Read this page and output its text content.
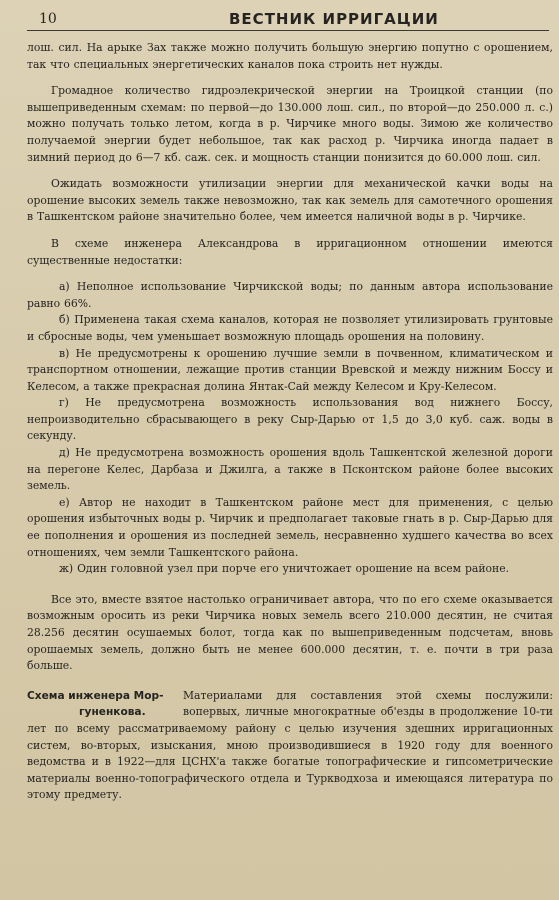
10	ВЕСТНИК ИРРИГАЦИИ

лош. сил. На арыке Зах также можно получить большую энергию попутно с орошением, так что специальных энергетических каналов пока строить нет нужды.

Громадное количество гидроэлекрической энергии на Троицкой станции (по вышеприведенным схемам: по первой—до 130.000 лош. сил., по второй—до 250.000 л. с.) можно получать только летом, когда в р. Чирчике много воды. Зимою же количество получаемой энергии будет небольшое, так как расход р. Чирчика иногда падает в зимний период до 6—7 кб. саж. сек. и мощность станции понизится до 60.000 лош. сил.

Ожидать возможности утилизации энергии для механической качки воды на орошение высоких земель также невозможно, так как земель для самотечного орошения в Ташкентском районе значительно более, чем имеется наличной воды в р. Чирчике.

В схеме инженера Александрова в ирригационном отношении имеются существенные недостатки:

а) Неполное использование Чирчикской воды; по данным автора использование равно 66%.

б) Применена такая схема каналов, которая не позволяет утилизировать грунтовые и сбросные воды, чем уменьшает возможную площадь орошения на половину.

в) Не предусмотрены к орошению лучшие земли в почвенном, климатическом и транспортном отношении, лежащие против станции Вревской и между нижним Боссу и Келесом, а также прекрасная долина Янтак-Сай между Келесом и Кру-Келесом.

г) Не предусмотрена возможность использования вод нижнего Боссу, непроизводительно сбрасывающего в реку Сыр-Дарью от 1,5 до 3,0 куб. саж. воды в секунду.

д) Не предусмотрена возможность орошения вдоль Ташкентской железной дороги на перегоне Келес, Дарбаза и Джилга, а также в Псконтском районе более высоких земель.

е) Автор не находит в Ташкентском районе мест для применения, с целью орошения избыточных воды р. Чирчик и предполагает таковые гнать в р. Сыр-Дарью для ее пополнения и орошения из последней земель, несравненно худшего качества во всех отношениях, чем земли Ташкентского района.

ж) Один головной узел при порче его уничтожает орошение на всем районе.

Все это, вместе взятое настолько ограничивает автора, что по его схеме оказывается возможным оросить из реки Чирчика новых земель всего 210.000 десятин, не считая 28.256 десятин осушаемых болот, тогда как по вышеприведенным подсчетам, вновь орошаемых земель, должно быть не менее 600.000 десятин, т. е. почти в три раза больше.

Схема инженера Мор-
гуненкова.

Материалами для составления этой схемы послужили: вопервых, личные многократные об'езды в продолжение 10-ти лет по всему рассматриваемому району с целью изучения здешних ирригационных систем, во-вторых, изыскания, мною производившиеся в 1920 году для военного ведомства и в 1922—для ЦСНХ'а также богатые топографические и гипсометрические материалы военно-топографического отдела и Туркводхоза и имеющаяся литература по этому предмету.
